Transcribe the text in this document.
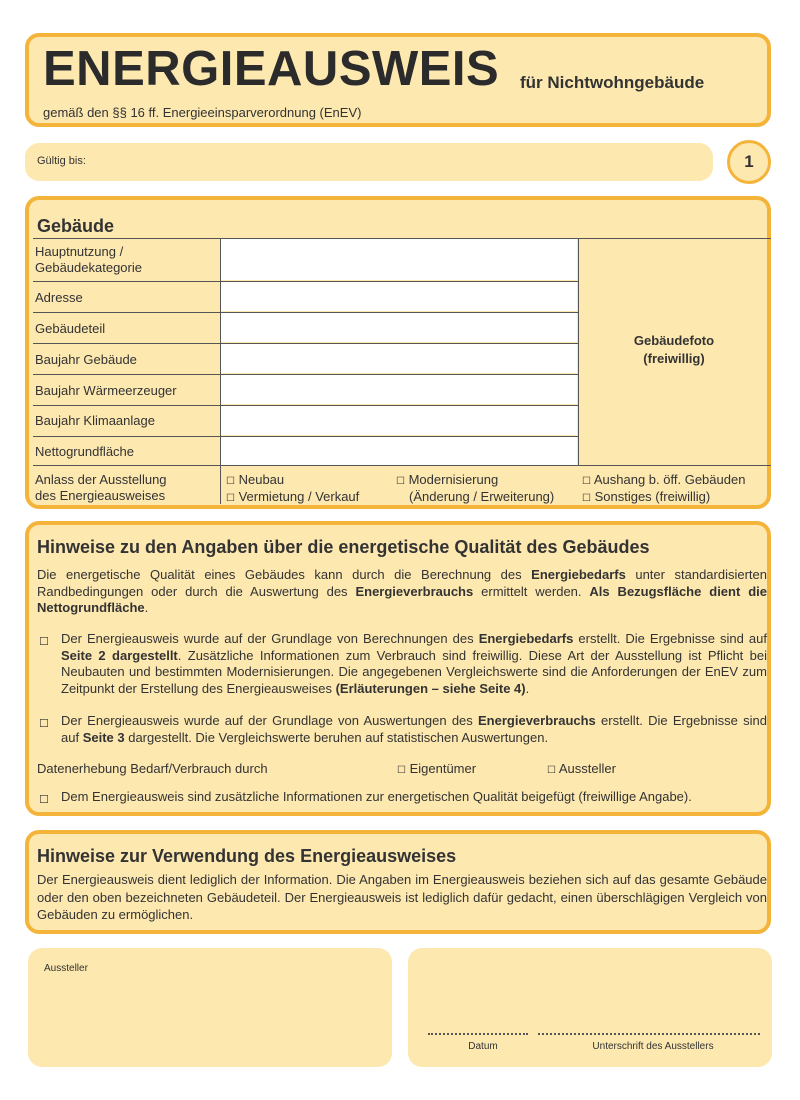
ENERGIEAUSWEIS für Nichtwohngebäude
gemäß den §§ 16 ff. Energieeinsparverordnung (EnEV)
Gültig bis:	1
Gebäude
Hauptnutzung / Gebäudekategorie
Adresse
Gebäudeteil
Baujahr Gebäude
Baujahr Wärmeerzeuger
Baujahr Klimaanlage
Nettogrundfläche
Gebäudefoto
(freiwillig)
Anlass der Ausstellung
des Energieausweises
☐ Neubau
☐ Vermietung / Verkauf
☐ Modernisierung
(Änderung / Erweiterung)
☐ Aushang b. öff. Gebäuden
☐ Sonstiges (freiwillig)
Hinweise zu den Angaben über die energetische Qualität des Gebäudes
Die energetische Qualität eines Gebäudes kann durch die Berechnung des Energiebedarfs unter standardisierten Randbedingungen oder durch die Auswertung des Energieverbrauchs ermittelt werden. Als Bezugsfläche dient die Nettogrundfläche.
☐ Der Energieausweis wurde auf der Grundlage von Berechnungen des Energiebedarfs erstellt. Die Ergebnisse sind auf Seite 2 dargestellt. Zusätzliche Informationen zum Verbrauch sind freiwillig. Diese Art der Ausstellung ist Pflicht bei Neubauten und bestimmten Modernisierungen. Die angegebenen Vergleichswerte sind die Anforderungen der EnEV zum Zeitpunkt der Erstellung des Energieausweises (Erläuterungen – siehe Seite 4).
☐ Der Energieausweis wurde auf der Grundlage von Auswertungen des Energieverbrauchs erstellt. Die Ergebnisse sind auf Seite 3 dargestellt. Die Vergleichswerte beruhen auf statistischen Auswertungen.
Datenerhebung Bedarf/Verbrauch durch	☐ Eigentümer	☐ Aussteller
☐ Dem Energieausweis sind zusätzliche Informationen zur energetischen Qualität beigefügt (freiwillige Angabe).
Hinweise zur Verwendung des Energieausweises
Der Energieausweis dient lediglich der Information. Die Angaben im Energieausweis beziehen sich auf das gesamte Gebäude oder den oben bezeichneten Gebäudeteil. Der Energieausweis ist lediglich dafür gedacht, einen überschlägigen Vergleich von Gebäuden zu ermöglichen.
Aussteller
Datum	Unterschrift des Ausstellers
